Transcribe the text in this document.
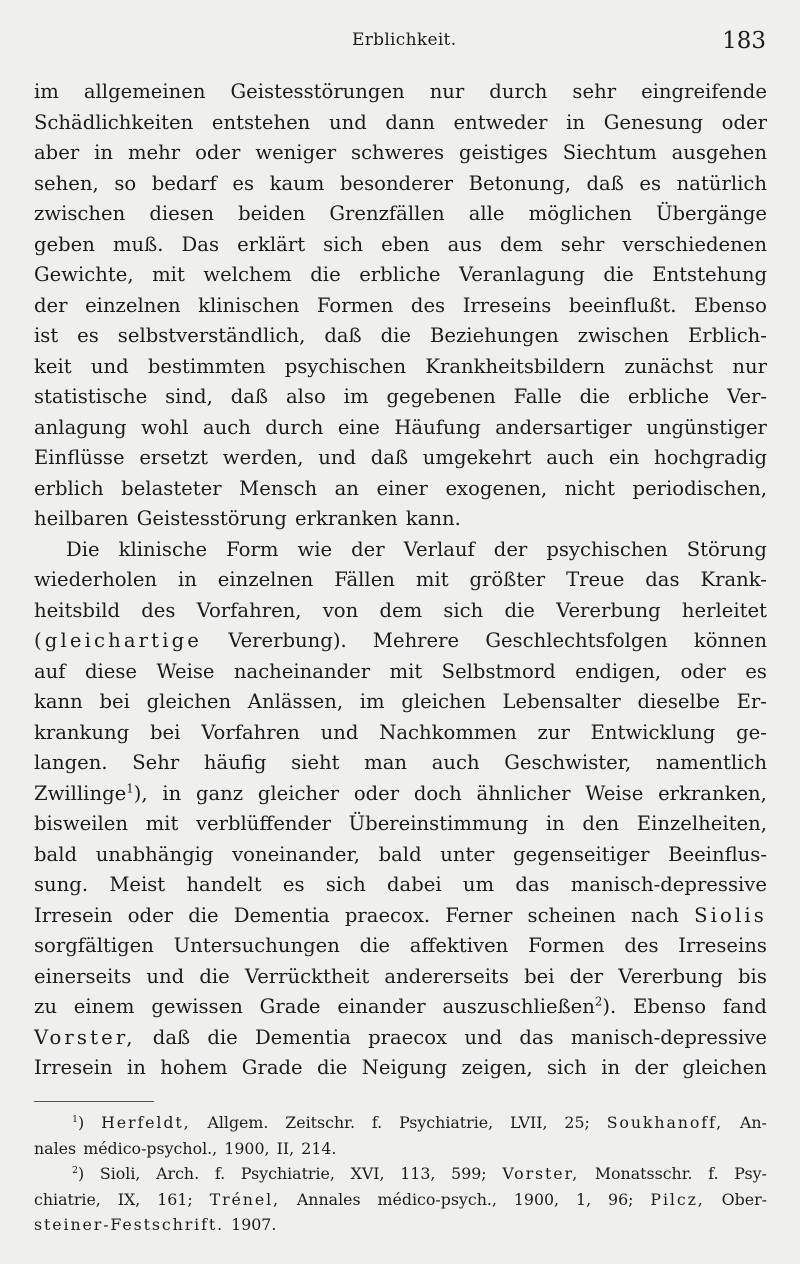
Erblichkeit.	183
im allgemeinen Geistesstörungen nur durch sehr eingreifende
Schädlichkeiten entstehen und dann entweder in Genesung oder
aber in mehr oder weniger schweres geistiges Siechtum ausgehen
sehen, so bedarf es kaum besonderer Betonung, daß es natürlich
zwischen diesen beiden Grenzfällen alle möglichen Übergänge
geben muß. Das erklärt sich eben aus dem sehr verschiedenen
Gewichte, mit welchem die erbliche Veranlagung die Entstehung
der einzelnen klinischen Formen des Irreseins beeinflußt. Ebenso
ist es selbstverständlich, daß die Beziehungen zwischen Erblich-
keit und bestimmten psychischen Krankheitsbildern zunächst nur
statistische sind, daß also im gegebenen Falle die erbliche Ver-
anlagung wohl auch durch eine Häufung andersartiger ungünstiger
Einflüsse ersetzt werden, und daß umgekehrt auch ein hochgradig
erblich belasteter Mensch an einer exogenen, nicht periodischen,
heilbaren Geistesstörung erkranken kann.
Die klinische Form wie der Verlauf der psychischen Störung
wiederholen in einzelnen Fällen mit größter Treue das Krank-
heitsbild des Vorfahren, von dem sich die Vererbung herleitet
(gleichartige Vererbung). Mehrere Geschlechtsfolgen können
auf diese Weise nacheinander mit Selbstmord endigen, oder es
kann bei gleichen Anlässen, im gleichen Lebensalter dieselbe Er-
krankung bei Vorfahren und Nachkommen zur Entwicklung ge-
langen. Sehr häufig sieht man auch Geschwister, namentlich
Zwillinge$^1$), in ganz gleicher oder doch ähnlicher Weise erkranken,
bisweilen mit verblüffender Übereinstimmung in den Einzelheiten,
bald unabhängig voneinander, bald unter gegenseitiger Beeinflus-
sung. Meist handelt es sich dabei um das manisch-depressive
Irresein oder die Dementia praecox. Ferner scheinen nach Siolis
sorgfältigen Untersuchungen die affektiven Formen des Irreseins
einerseits und die Verrücktheit andererseits bei der Vererbung bis
zu einem gewissen Grade einander auszuschließen$^2$). Ebenso fand
Vorster, daß die Dementia praecox und das manisch-depressive
Irresein in hohem Grade die Neigung zeigen, sich in der gleichen
$^1$) Herfeldt, Allgem. Zeitschr. f. Psychiatrie, LVII, 25; Soukhanoff, An-
nales médico-psychol., 1900, II, 214.
$^2$) Sioli, Arch. f. Psychiatrie, XVI, 113, 599; Vorster, Monatsschr. f. Psy-
chiatrie, IX, 161; Trénel, Annales médico-psych., 1900, 1, 96; Pilcz, Ober-
steiner-Festschrift. 1907.
